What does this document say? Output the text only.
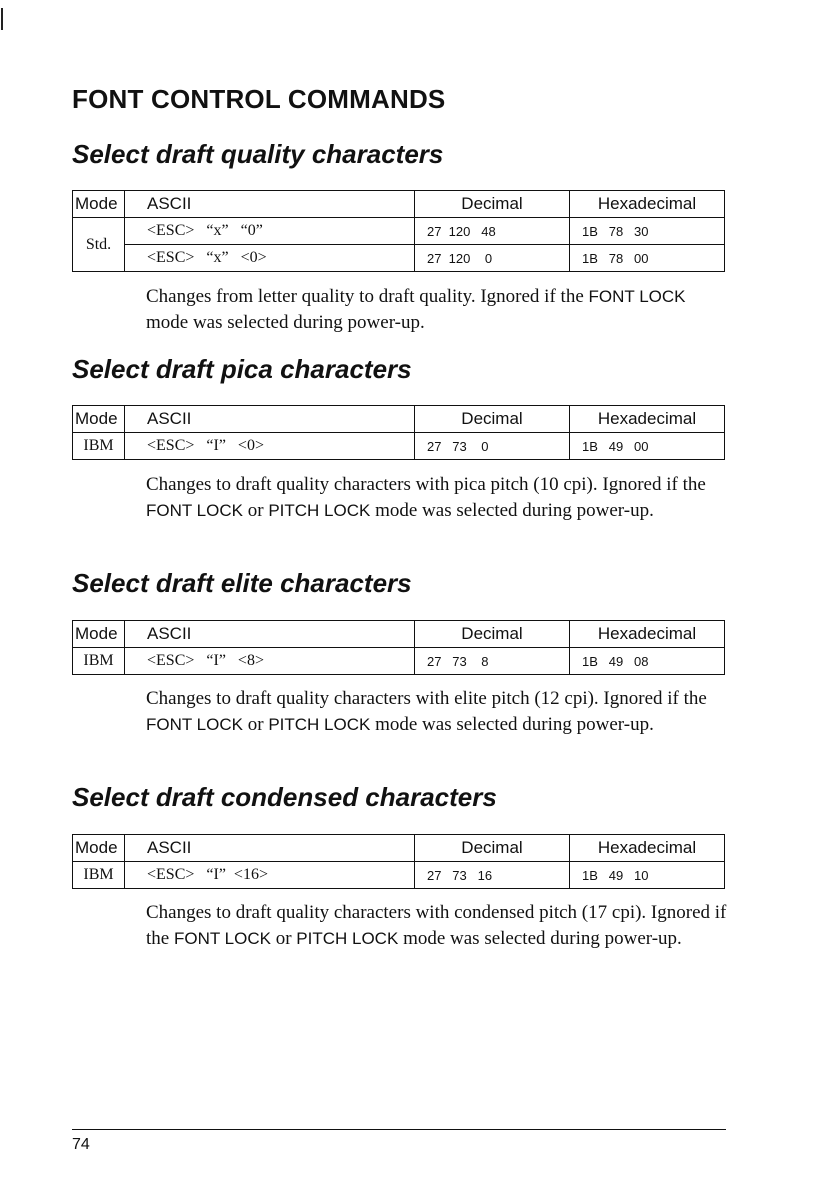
FONT CONTROL COMMANDS
Select draft quality characters
Mode	ASCII	Decimal	Hexadecimal
Std.	<ESC>   “x”   “0”	27  120   48	1B   78   30
	<ESC>   “x”   <0>	27  120    0	1B   78   00

Changes from letter quality to draft quality. Ignored if the FONT LOCK mode was selected during power-up.

Select draft pica characters
Mode	ASCII	Decimal	Hexadecimal
IBM	<ESC>   “I”   <0>	27   73    0	1B   49   00

Changes to draft quality characters with pica pitch (10 cpi). Ignored if the FONT LOCK or PITCH LOCK mode was selected during power-up.

Select draft elite characters
Mode	ASCII	Decimal	Hexadecimal
IBM	<ESC>   “I”   <8>	27   73    8	1B   49   08

Changes to draft quality characters with elite pitch (12 cpi). Ignored if the FONT LOCK or PITCH LOCK mode was selected during power-up.

Select draft condensed characters
Mode	ASCII	Decimal	Hexadecimal
IBM	<ESC>   “I”  <16>	27   73   16	1B   49   10

Changes to draft quality characters with condensed pitch (17 cpi). Ignored if the FONT LOCK or PITCH LOCK mode was selected during power-up.

74
